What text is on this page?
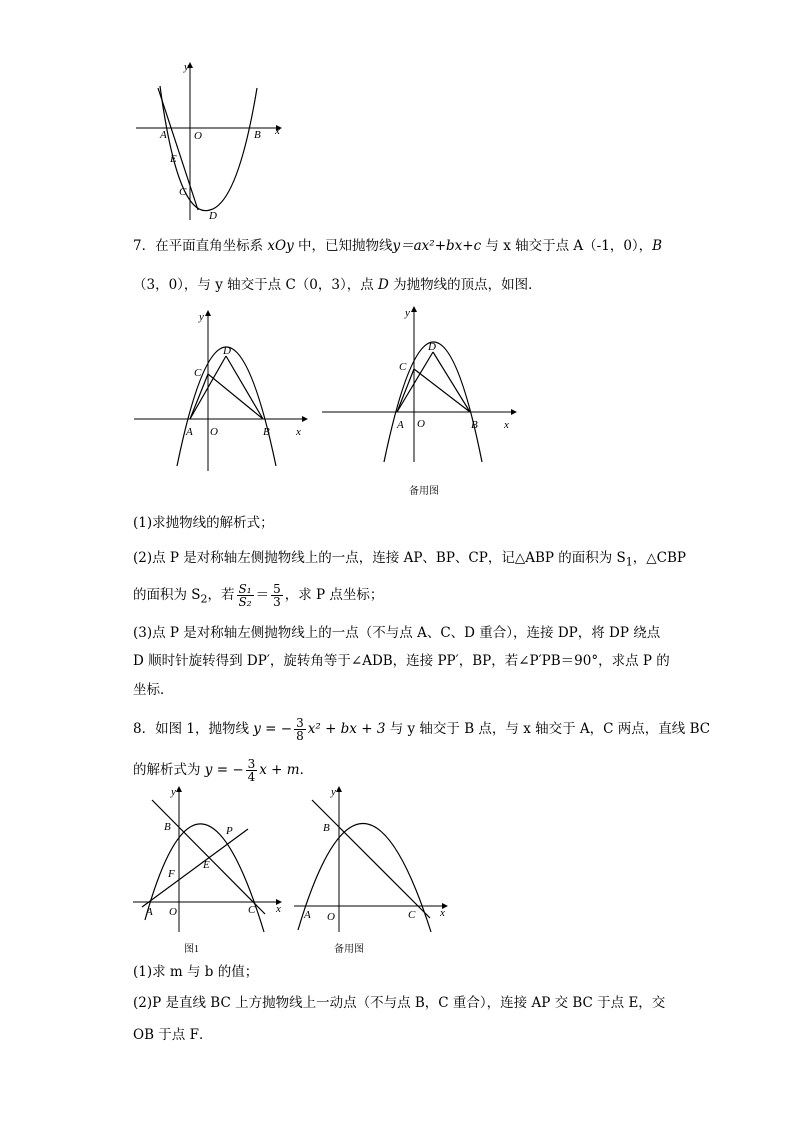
y
x
A O	B
E
C
D
7．在平面直角坐标系 xOy 中，已知抛物线y＝ax²+bx+c 与 x 轴交于点 A（-1，0），B
（3，0），与 y 轴交于点 C（0，3），点 D 为抛物线的顶点，如图．
y
x
A O	B
C
D
y
x
A O	B
C
D
备用图
(1)求抛物线的解析式；
(2)点 P 是对称轴左侧抛物线上的一点，连接 AP、BP、CP，记△ABP 的面积为 $S_1$，△CBP
的面积为 $S_2$，若 $\frac{\text{S₁}}{\text{S₂}} = \frac{5}{3}$ ，求 P 点坐标；
(3)点 P 是对称轴左侧抛物线上的一点（不与点 A、C、D 重合），连接 DP，将 DP 绕点
D 顺时针旋转得到 DP′，旋转角等于∠ADB，连接 PP′，BP，若∠P′PB＝90°，求点 P 的
坐标．
8．如图 1，抛物线 y = − $\frac{3}{8} x^2$ + bx + 3 与 y 轴交于 B 点，与 x 轴交于 A，C 两点，直线 BC
的解析式为 y = − $\frac{3}{4}$ x + m．
y
x
A O	C
B	P
E
F
图1
y
x
A O	C
B
备用图
(1)求 m 与 b 的值；
(2)P 是直线 BC 上方抛物线上一动点（不与点 B，C 重合），连接 AP 交 BC 于点 E，交
OB 于点 F．
